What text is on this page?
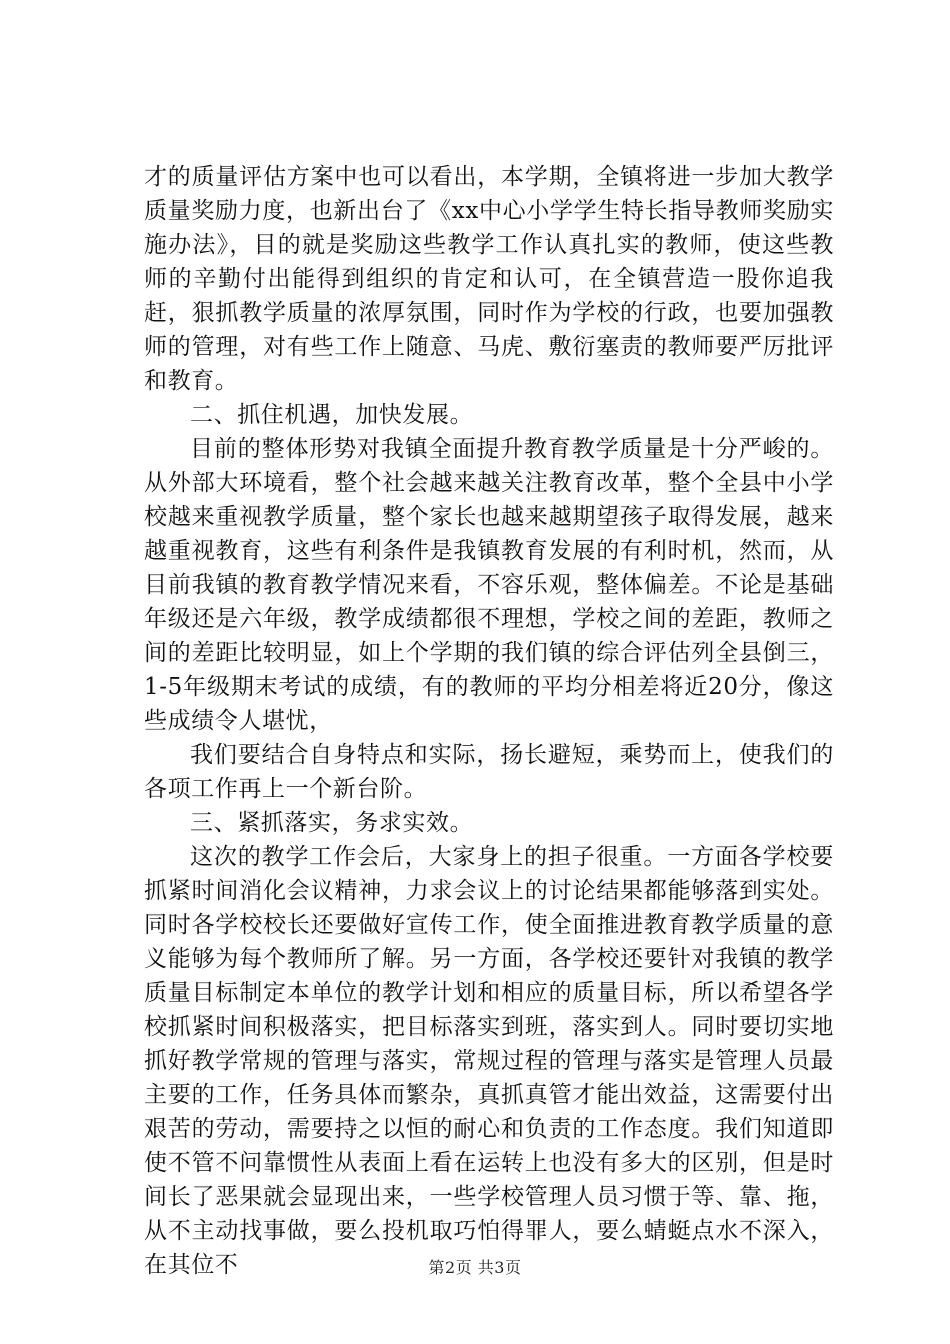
才的质量评估方案中也可以看出，本学期，全镇将进一步加大教学质量奖励力度，也新出台了《xx中心小学学生特长指导教师奖励实施办法》，目的就是奖励这些教学工作认真扎实的教师，使这些教师的辛勤付出能得到组织的肯定和认可，在全镇营造一股你追我赶，狠抓教学质量的浓厚氛围，同时作为学校的行政，也要加强教师的管理，对有些工作上随意、马虎、敷衍塞责的教师要严厉批评和教育。

二、抓住机遇，加快发展。

目前的整体形势对我镇全面提升教育教学质量是十分严峻的。从外部大环境看，整个社会越来越关注教育改革，整个全县中小学校越来重视教学质量，整个家长也越来越期望孩子取得发展，越来越重视教育，这些有利条件是我镇教育发展的有利时机，然而，从目前我镇的教育教学情况来看，不容乐观，整体偏差。不论是基础年级还是六年级，教学成绩都很不理想，学校之间的差距，教师之间的差距比较明显，如上个学期的我们镇的综合评估列全县倒三，1-5年级期末考试的成绩，有的教师的平均分相差将近20分，像这些成绩令人堪忧，

我们要结合自身特点和实际，扬长避短，乘势而上，使我们的各项工作再上一个新台阶。

三、紧抓落实，务求实效。

这次的教学工作会后，大家身上的担子很重。一方面各学校要抓紧时间消化会议精神，力求会议上的讨论结果都能够落到实处。同时各学校校长还要做好宣传工作，使全面推进教育教学质量的意义能够为每个教师所了解。另一方面，各学校还要针对我镇的教学质量目标制定本单位的教学计划和相应的质量目标，所以希望各学校抓紧时间积极落实，把目标落实到班，落实到人。同时要切实地抓好教学常规的管理与落实，常规过程的管理与落实是管理人员最主要的工作，任务具体而繁杂，真抓真管才能出效益，这需要付出艰苦的劳动，需要持之以恒的耐心和负责的工作态度。我们知道即使不管不问靠惯性从表面上看在运转上也没有多大的区别，但是时间长了恶果就会显现出来，一些学校管理人员习惯于等、靠、拖，从不主动找事做，要么投机取巧怕得罪人，要么蜻蜓点水不深入，在其位不	第2页 共3页
